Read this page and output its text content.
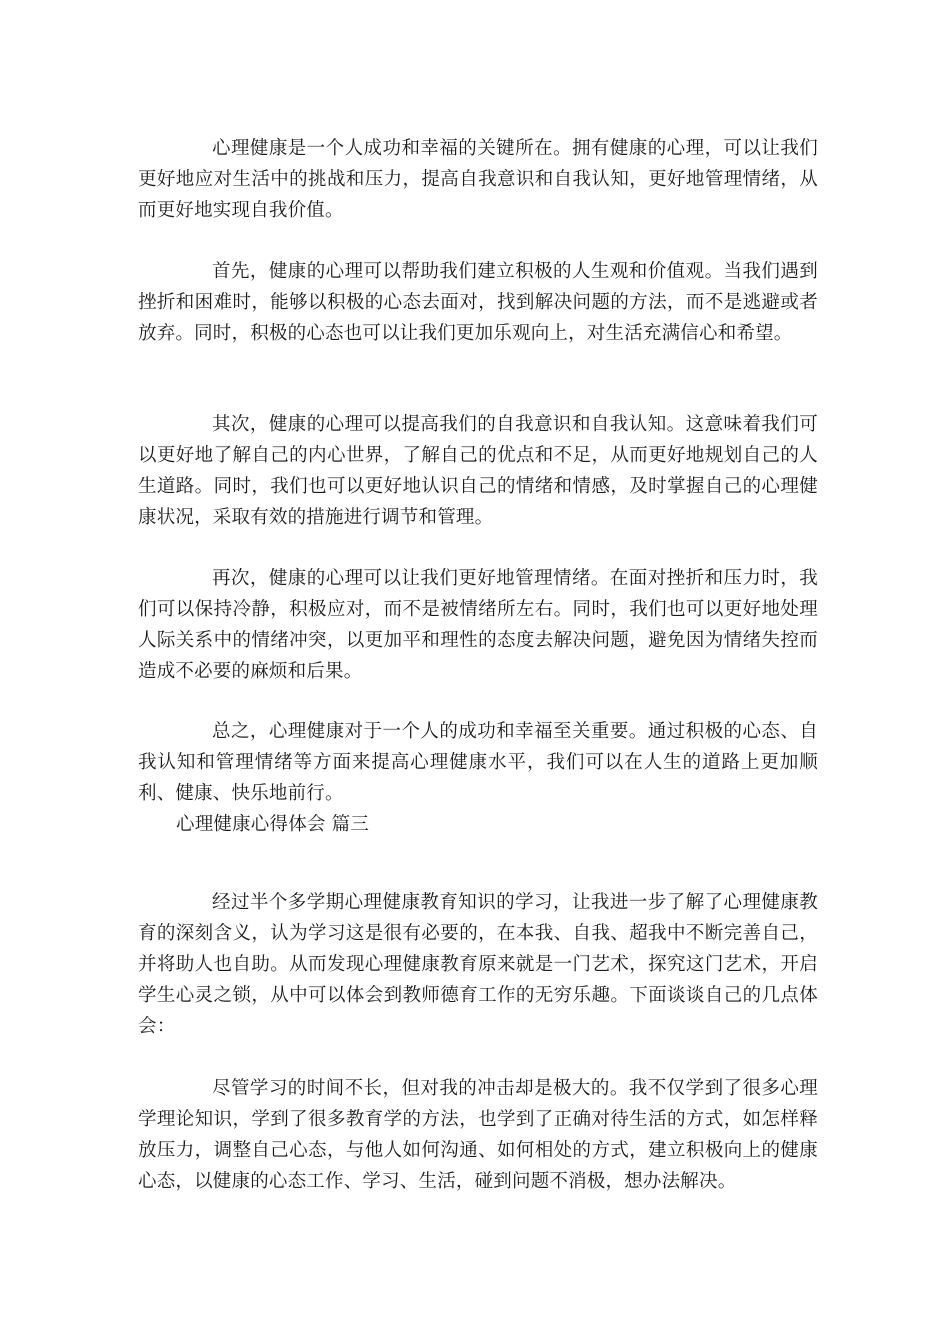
心理健康是一个人成功和幸福的关键所在。拥有健康的心理，可以让我们更好地应对生活中的挑战和压力，提高自我意识和自我认知，更好地管理情绪，从而更好地实现自我价值。

首先，健康的心理可以帮助我们建立积极的人生观和价值观。当我们遇到挫折和困难时，能够以积极的心态去面对，找到解决问题的方法，而不是逃避或者放弃。同时，积极的心态也可以让我们更加乐观向上，对生活充满信心和希望。

其次，健康的心理可以提高我们的自我意识和自我认知。这意味着我们可以更好地了解自己的内心世界，了解自己的优点和不足，从而更好地规划自己的人生道路。同时，我们也可以更好地认识自己的情绪和情感，及时掌握自己的心理健康状况，采取有效的措施进行调节和管理。

再次，健康的心理可以让我们更好地管理情绪。在面对挫折和压力时，我们可以保持冷静，积极应对，而不是被情绪所左右。同时，我们也可以更好地处理人际关系中的情绪冲突，以更加平和理性的态度去解决问题，避免因为情绪失控而造成不必要的麻烦和后果。

总之，心理健康对于一个人的成功和幸福至关重要。通过积极的心态、自我认知和管理情绪等方面来提高心理健康水平，我们可以在人生的道路上更加顺利、健康、快乐地前行。

心理健康心得体会 篇三

经过半个多学期心理健康教育知识的学习，让我进一步了解了心理健康教育的深刻含义，认为学习这是很有必要的，在本我、自我、超我中不断完善自己，并将助人也自助。从而发现心理健康教育原来就是一门艺术，探究这门艺术，开启学生心灵之锁，从中可以体会到教师德育工作的无穷乐趣。下面谈谈自己的几点体会：

尽管学习的时间不长，但对我的冲击却是极大的。我不仅学到了很多心理学理论知识，学到了很多教育学的方法，也学到了正确对待生活的方式，如怎样释放压力，调整自己心态，与他人如何沟通、如何相处的方式，建立积极向上的健康心态，以健康的心态工作、学习、生活，碰到问题不消极，想办法解决。
